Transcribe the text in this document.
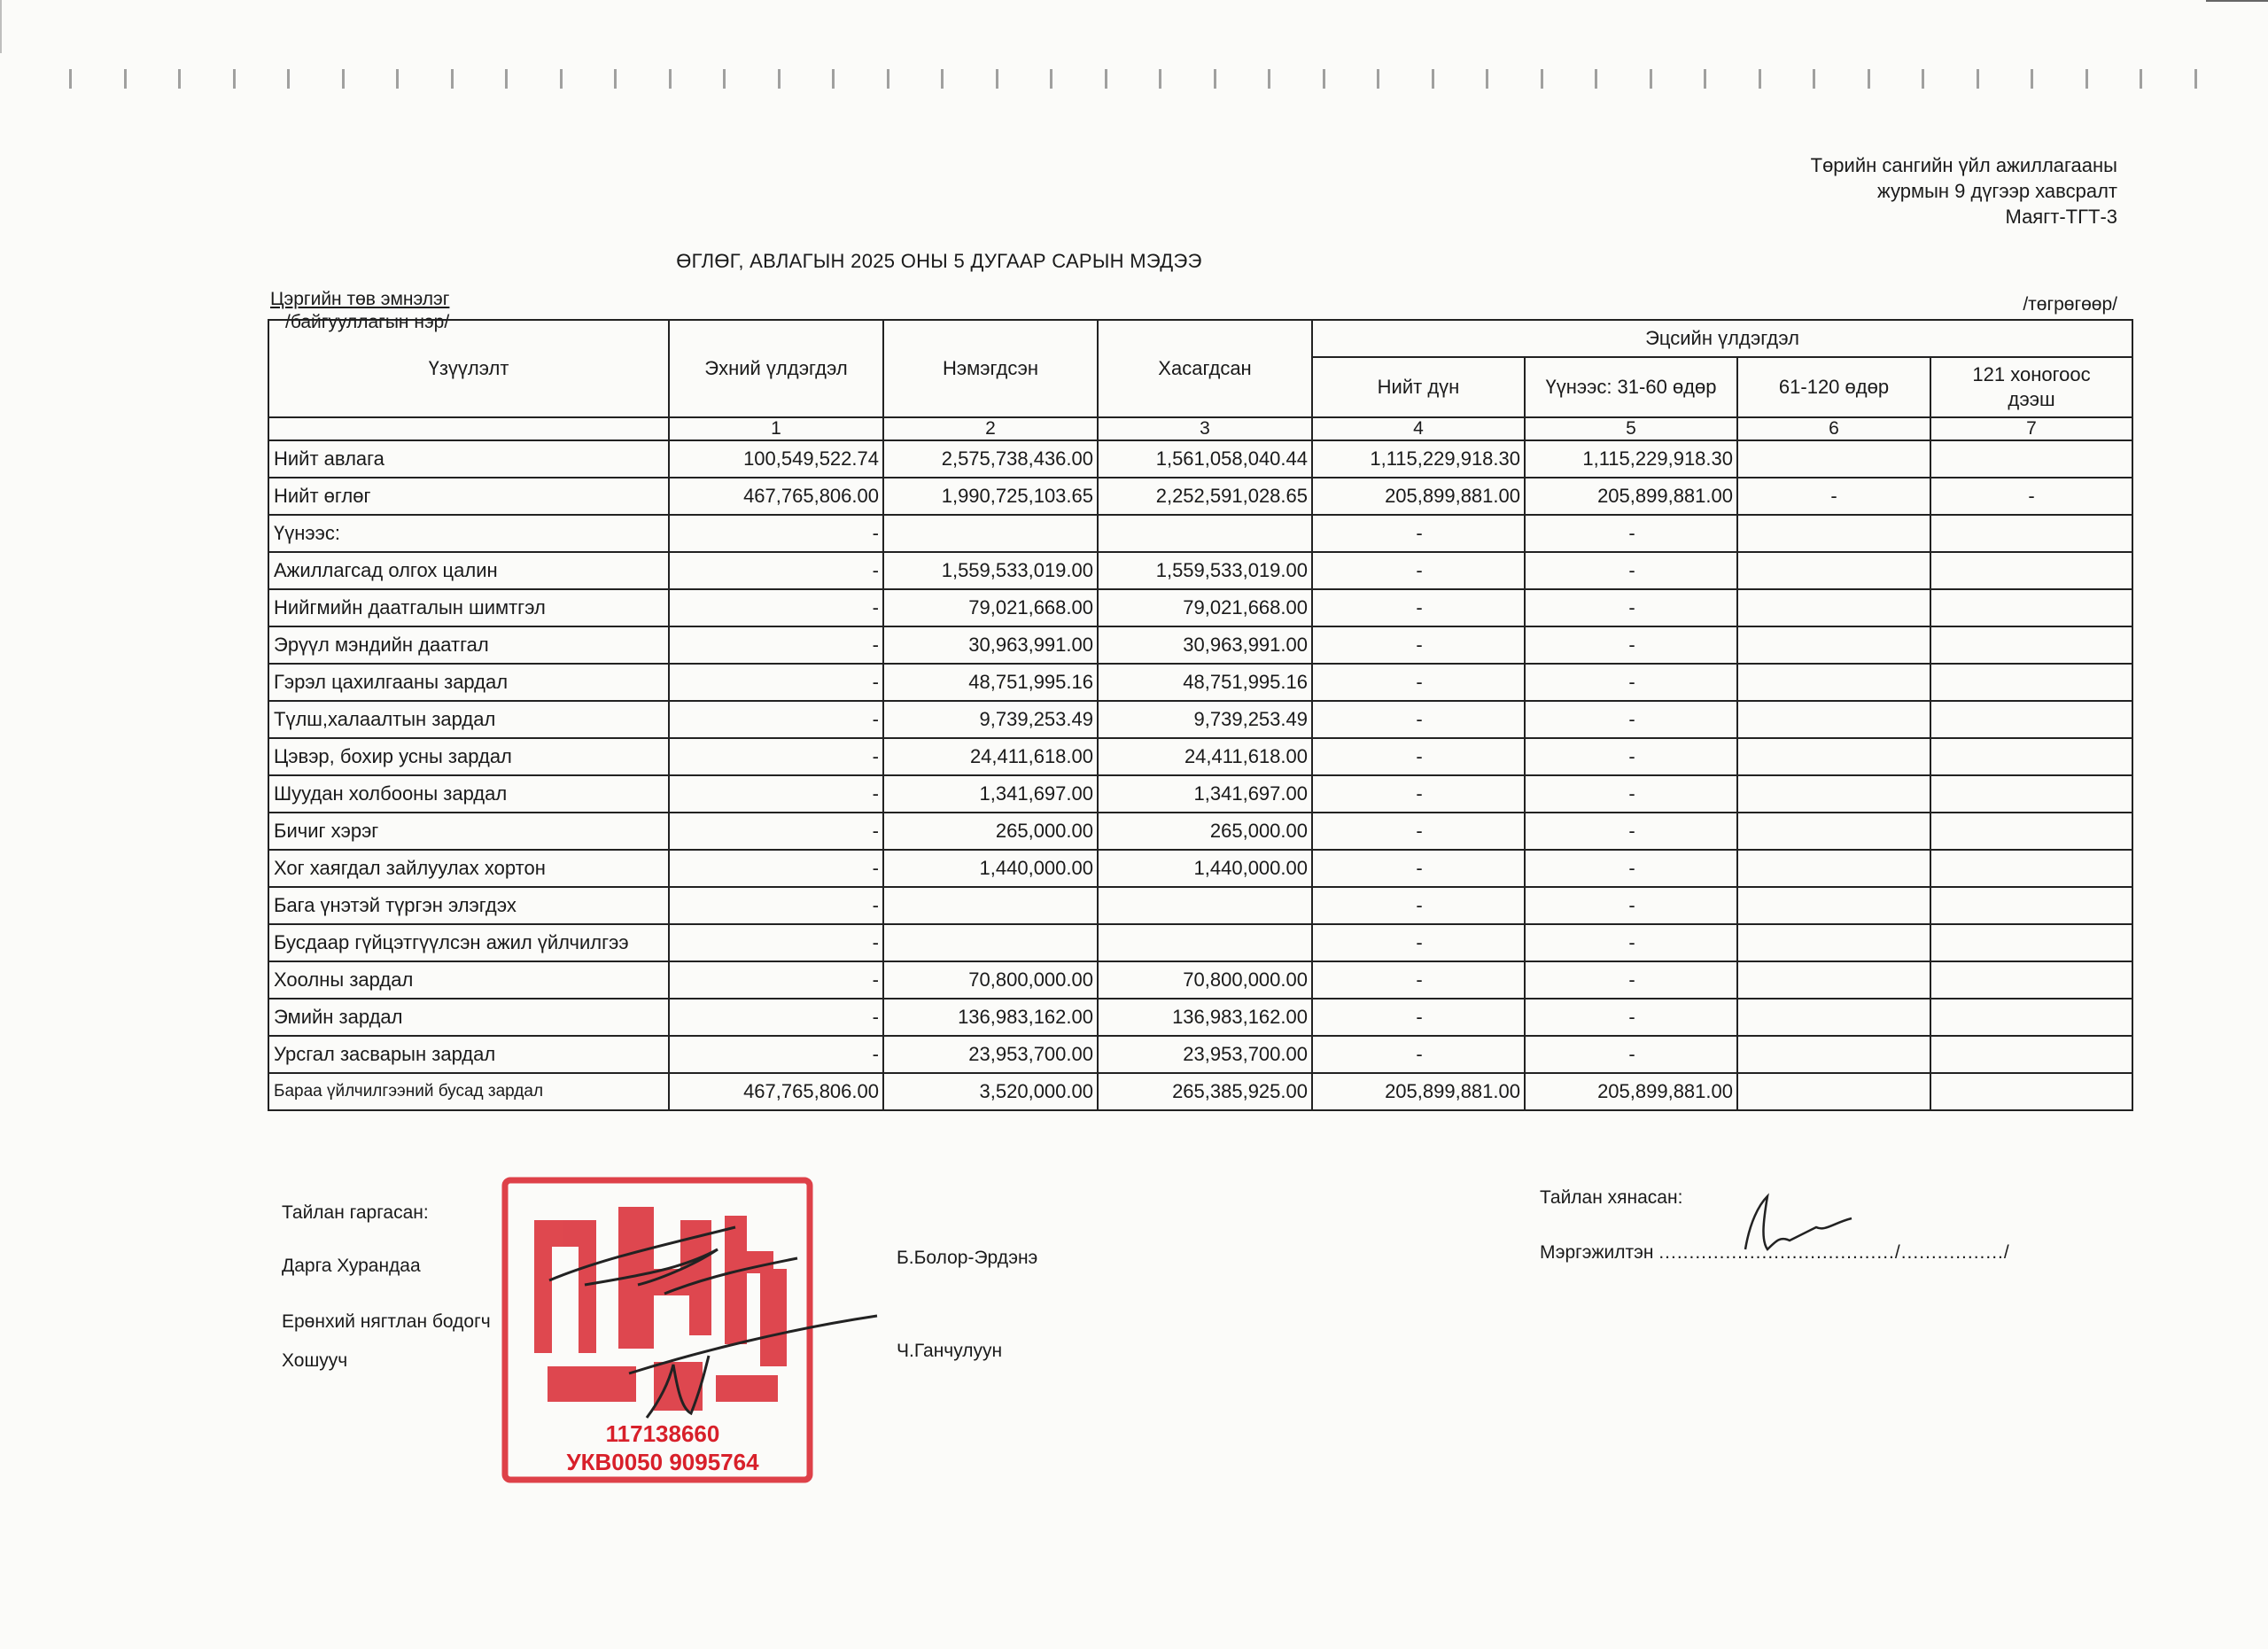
Төрийн сангийн үйл ажиллагааны
журмын 9 дүгээр хавсралт
Маягт-ТГТ-3
ӨГЛӨГ, АВЛАГЫН 2025 ОНЫ 5 ДУГААР САРЫН МЭДЭЭ
Цэргийн төв эмнэлэг
/байгууллагын нэр/
/төгрөгөөр/
Үзүүлэлт	Эхний үлдэгдэл	Нэмэгдсэн	Хасагдсан	Эцсийн үлдэгдэл			
				Нийт дүн	Үүнээс: 31-60 өдөр	61-120 өдөр	121 хоногоос
дээш

	1	2	3	4	5	6	7
Нийт авлага	100,549,522.74	2,575,738,436.00	1,561,058,040.44	1,115,229,918.30	1,115,229,918.30		
Нийт өглөг	467,765,806.00	1,990,725,103.65	2,252,591,028.65	205,899,881.00	205,899,881.00	-	-
Үүнээс:	-			-	-		
Ажиллагсад олгох цалин	-	1,559,533,019.00	1,559,533,019.00	-	-		
Нийгмийн даатгалын шимтгэл	-	79,021,668.00	79,021,668.00	-	-		
Эрүүл мэндийн даатгал	-	30,963,991.00	30,963,991.00	-	-		
Гэрэл цахилгааны зардал	-	48,751,995.16	48,751,995.16	-	-		
Түлш,халаалтын зардал	-	9,739,253.49	9,739,253.49	-	-		
Цэвэр, бохир усны зардал	-	24,411,618.00	24,411,618.00	-	-		
Шуудан холбооны зардал	-	1,341,697.00	1,341,697.00	-	-		
Бичиг хэрэг	-	265,000.00	265,000.00	-	-		
Хог хаягдал зайлуулах хортон	-	1,440,000.00	1,440,000.00	-	-		
Бага үнэтэй түргэн элэгдэх	-			-	-		
Бусдаар гүйцэтгүүлсэн ажил үйлчилгээ	-			-	-		
Хоолны зардал	-	70,800,000.00	70,800,000.00	-	-		
Эмийн зардал	-	136,983,162.00	136,983,162.00	-	-		
Урсгал засварын зардал	-	23,953,700.00	23,953,700.00	-	-		
Бараа үйлчилгээний бусад зардал	467,765,806.00	3,520,000.00	265,385,925.00	205,899,881.00	205,899,881.00		
Тайлан гаргасан:
Дарга Хурандаа	Б.Болор-Эрдэнэ
Ерөнхий нягтлан бодогч
Хошууч	Ч.Ганчулуун
Тайлан хянасан:
Мэргэжилтэн ......................................./................./
117138660
УКВ0050 9095764
